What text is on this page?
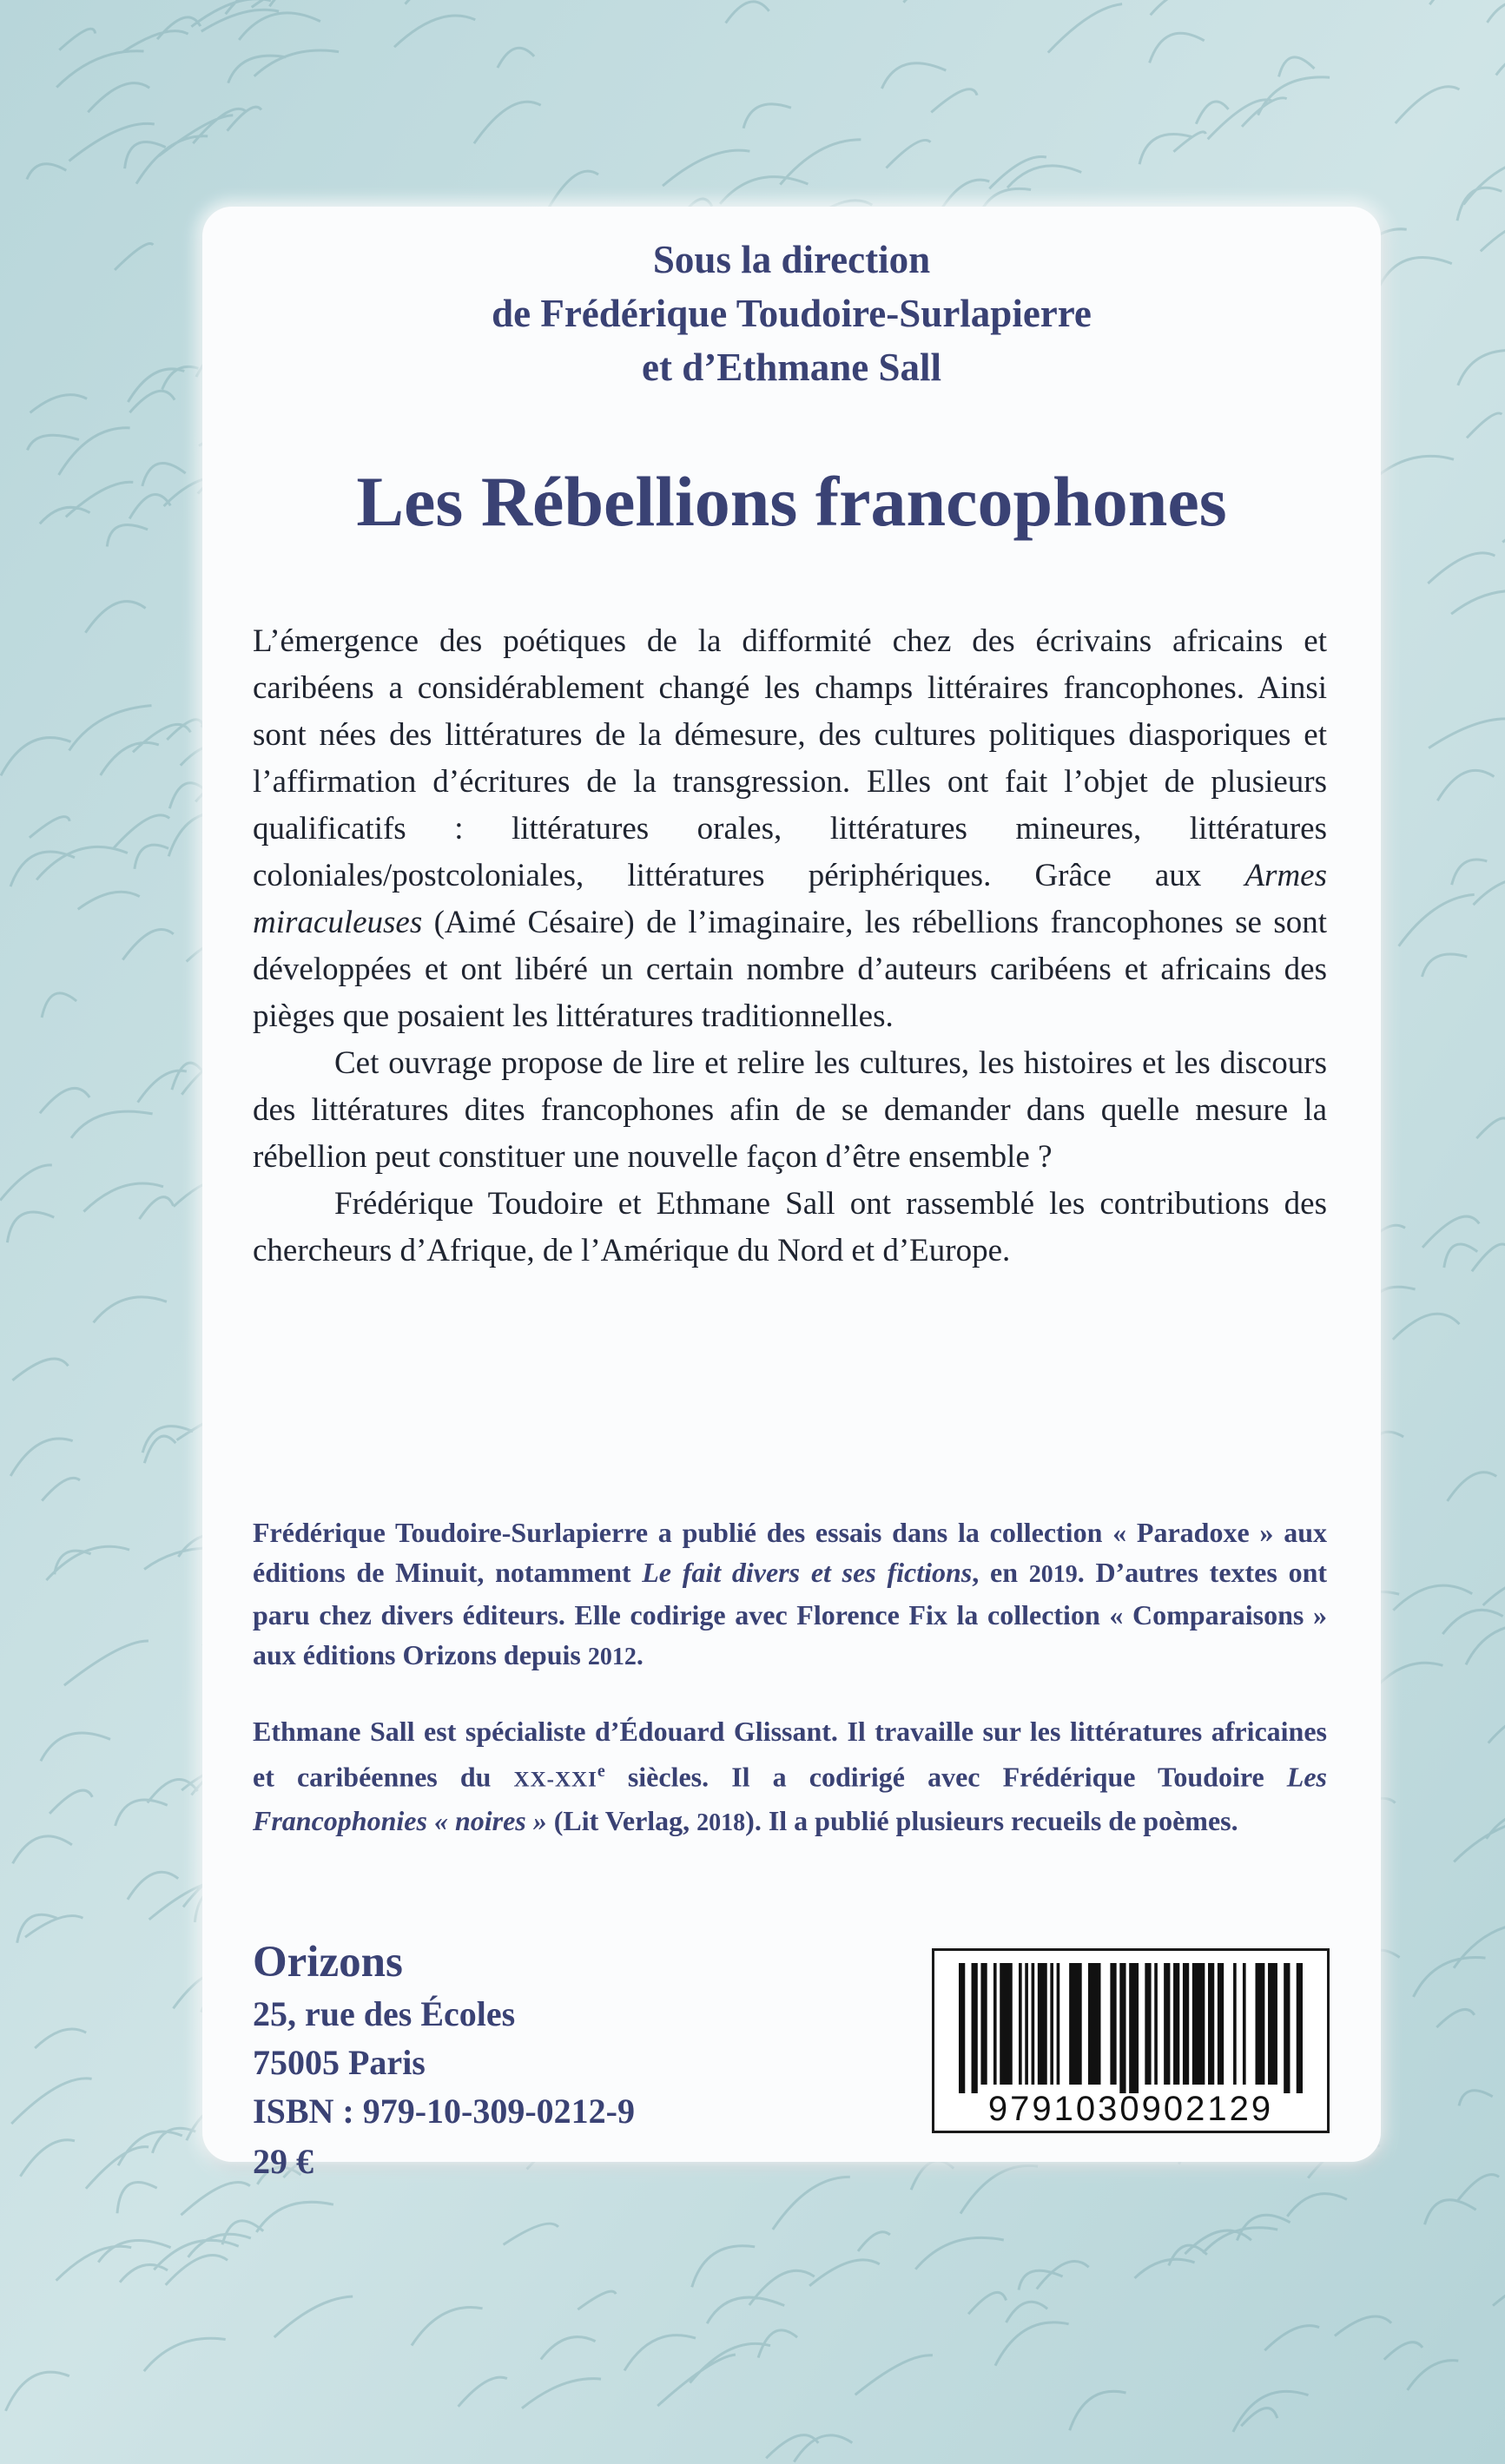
Sous la direction
de Frédérique Toudoire-Surlapierre
et d’Ethmane Sall
Les Rébellions francophones

L’émergence des poétiques de la difformité chez des écrivains africains et caribéens a considérablement changé les champs littéraires francophones. Ainsi sont nées des littératures de la démesure, des cultures politiques diasporiques et l’affirmation d’écritures de la transgression. Elles ont fait l’objet de plusieurs qualificatifs : littératures orales, littératures mineures, littératures coloniales/postcoloniales, littératures périphériques. Grâce aux Armes miraculeuses (Aimé Césaire) de l’imaginaire, les rébellions francophones se sont développées et ont libéré un certain nombre d’auteurs caribéens et africains des pièges que posaient les littératures traditionnelles.

Cet ouvrage propose de lire et relire les cultures, les histoires et les discours des littératures dites francophones afin de se demander dans quelle mesure la rébellion peut constituer une nouvelle façon d’être ensemble ?

Frédérique Toudoire et Ethmane Sall ont rassemblé les contributions des chercheurs d’Afrique, de l’Amérique du Nord et d’Europe.

Frédérique Toudoire-Surlapierre a publié des essais dans la collection « Paradoxe » aux éditions de Minuit, notamment Le fait divers et ses fictions, en 2019. D’autres textes ont paru chez divers éditeurs. Elle codirige avec Florence Fix la collection « Comparaisons » aux éditions Orizons depuis 2012.

Ethmane Sall est spécialiste d’Édouard Glissant. Il travaille sur les littératures africaines et caribéennes du XX-XXIe siècles. Il a codirigé avec Frédérique Toudoire Les Francophonies « noires » (Lit Verlag, 2018). Il a publié plusieurs recueils de poèmes.

Orizons
25, rue des Écoles
75005 Paris
ISBN : 979-10-309-0212-9
29 €
9791030902129
